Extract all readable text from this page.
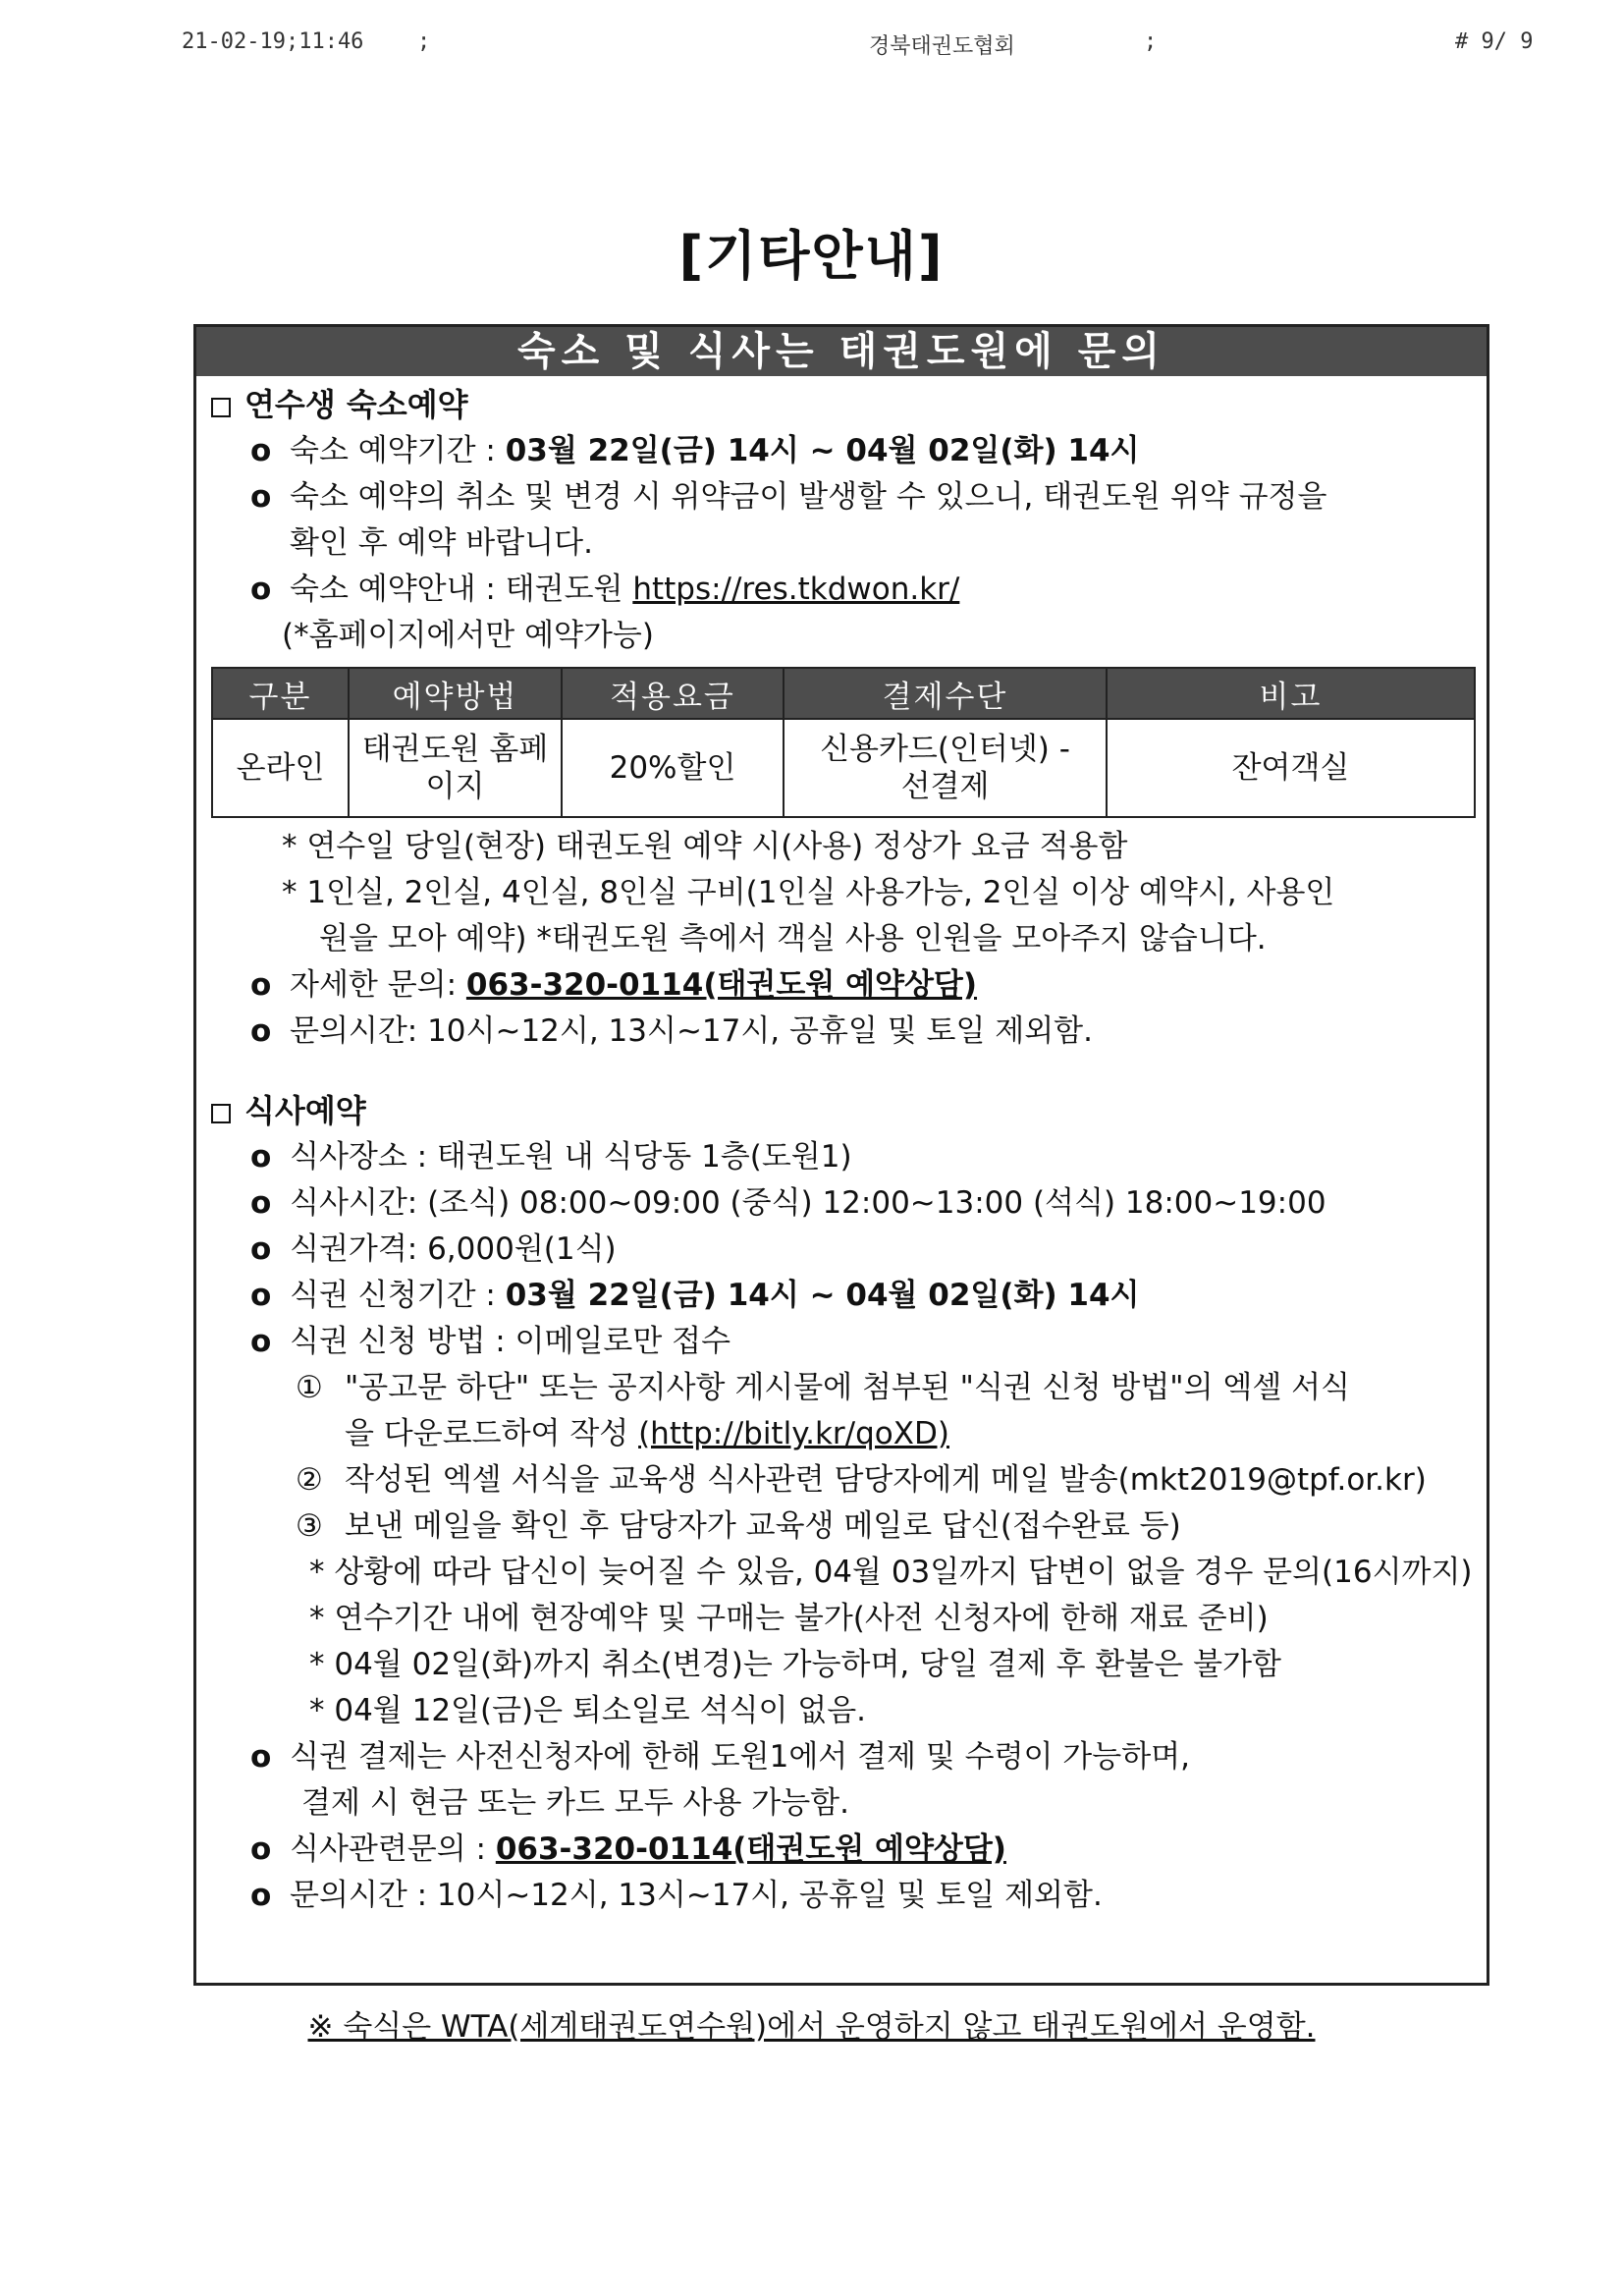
21-02-19;11:46 ;	경북태권도협회	;	# 9/ 9
[기타안내]
숙소 및 식사는 태권도원에 문의
연수생 숙소예약
o 숙소 예약기간 : 03월 22일(금) 14시 ~ 04월 02일(화) 14시
o 숙소 예약의 취소 및 변경 시 위약금이 발생할 수 있으니, 태권도원 위약 규정을
확인 후 예약 바랍니다.
o 숙소 예약안내 : 태권도원 https://res.tkdwon.kr/
(*홈페이지에서만 예약가능)
구분	예약방법	적용요금	결제수단	비고
온라인	태권도원 홈페이지	20%할인	신용카드(인터넷) -
선결제	잔여객실
* 연수일 당일(현장) 태권도원 예약 시(사용) 정상가 요금 적용함
* 1인실, 2인실, 4인실, 8인실 구비(1인실 사용가능, 2인실 이상 예약시, 사용인
원을 모아 예약) *태권도원 측에서 객실 사용 인원을 모아주지 않습니다.
o 자세한 문의: 063-320-0114(태권도원 예약상담)
o 문의시간: 10시~12시, 13시~17시, 공휴일 및 토일 제외함.
식사예약
o 식사장소 : 태권도원 내 식당동 1층(도원1)
o 식사시간: (조식) 08:00~09:00 (중식) 12:00~13:00 (석식) 18:00~19:00
o 식권가격: 6,000원(1식)
o 식권 신청기간 : 03월 22일(금) 14시 ~ 04월 02일(화) 14시
o 식권 신청 방법 : 이메일로만 접수
① "공고문 하단" 또는 공지사항 게시물에 첨부된 "식권 신청 방법"의 엑셀 서식
을 다운로드하여 작성 (http://bitly.kr/qoXD)
② 작성된 엑셀 서식을 교육생 식사관련 담당자에게 메일 발송(mkt2019@tpf.or.kr)
③ 보낸 메일을 확인 후 담당자가 교육생 메일로 답신(접수완료 등)
* 상황에 따라 답신이 늦어질 수 있음, 04월 03일까지 답변이 없을 경우 문의(16시까지)
* 연수기간 내에 현장예약 및 구매는 불가(사전 신청자에 한해 재료 준비)
* 04월 02일(화)까지 취소(변경)는 가능하며, 당일 결제 후 환불은 불가함
* 04월 12일(금)은 퇴소일로 석식이 없음.
o 식권 결제는 사전신청자에 한해 도원1에서 결제 및 수령이 가능하며,
결제 시 현금 또는 카드 모두 사용 가능함.
o 식사관련문의 : 063-320-0114(태권도원 예약상담)
o 문의시간 : 10시~12시, 13시~17시, 공휴일 및 토일 제외함.
※ 숙식은 WTA(세계태권도연수원)에서 운영하지 않고 태권도원에서 운영함.
